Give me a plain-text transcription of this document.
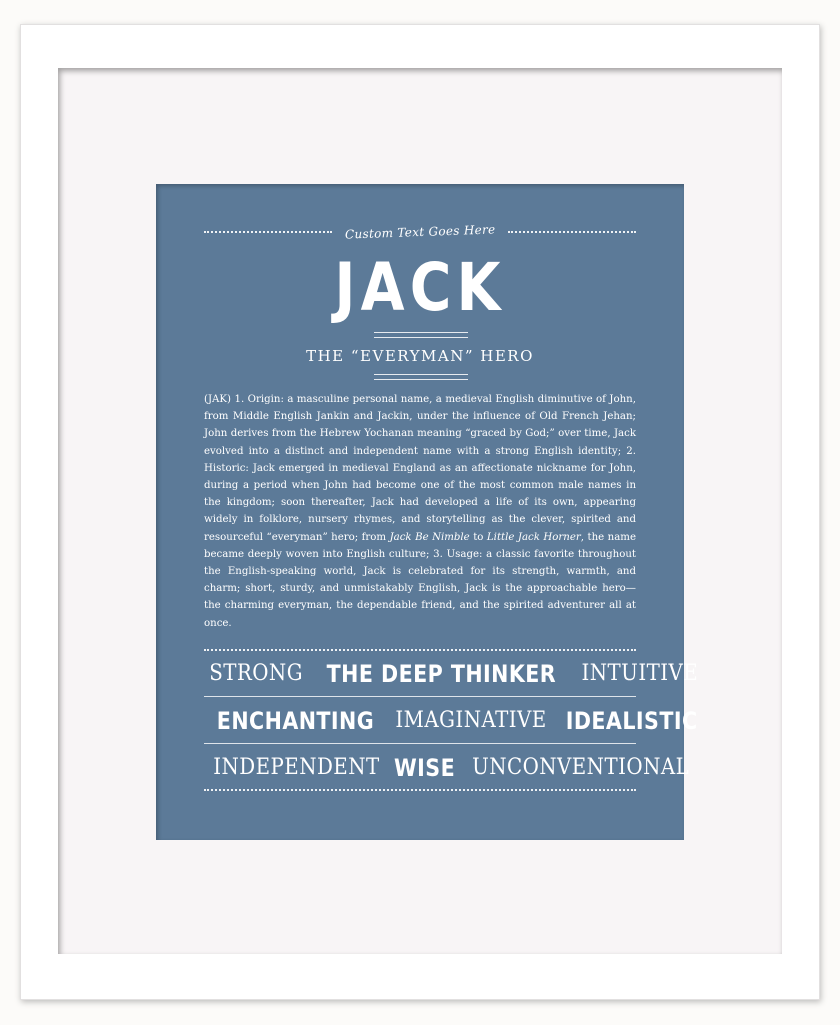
Custom Text Goes Here
JACK
THE “EVERYMAN” HERO
(JAK) 1. Origin: a masculine personal name, a medieval English diminutive of John, from Middle English Jankin and Jackin, under the influence of Old French Jehan; John derives from the Hebrew Yochanan meaning “graced by God;” over time, Jack evolved into a distinct and independent name with a strong English identity; 2. Historic: Jack emerged in medieval England as an affectionate nickname for John, during a period when John had become one of the most common male names in the kingdom; soon thereafter, Jack had developed a life of its own, appearing widely in folklore, nursery rhymes, and storytelling as the clever, spirited and resourceful “everyman” hero; from Jack Be Nimble to Little Jack Horner, the name became deeply woven into English culture; 3. Usage: a classic favorite throughout the English-speaking world, Jack is celebrated for its strength, warmth, and charm; short, sturdy, and unmistakably English, Jack is the approachable hero—the charming everyman, the dependable friend, and the spirited adventurer all at once.
STRONG THE DEEP THINKER INTUITIVE
ENCHANTING IMAGINATIVE IDEALISTIC
INDEPENDENT WISE UNCONVENTIONAL
